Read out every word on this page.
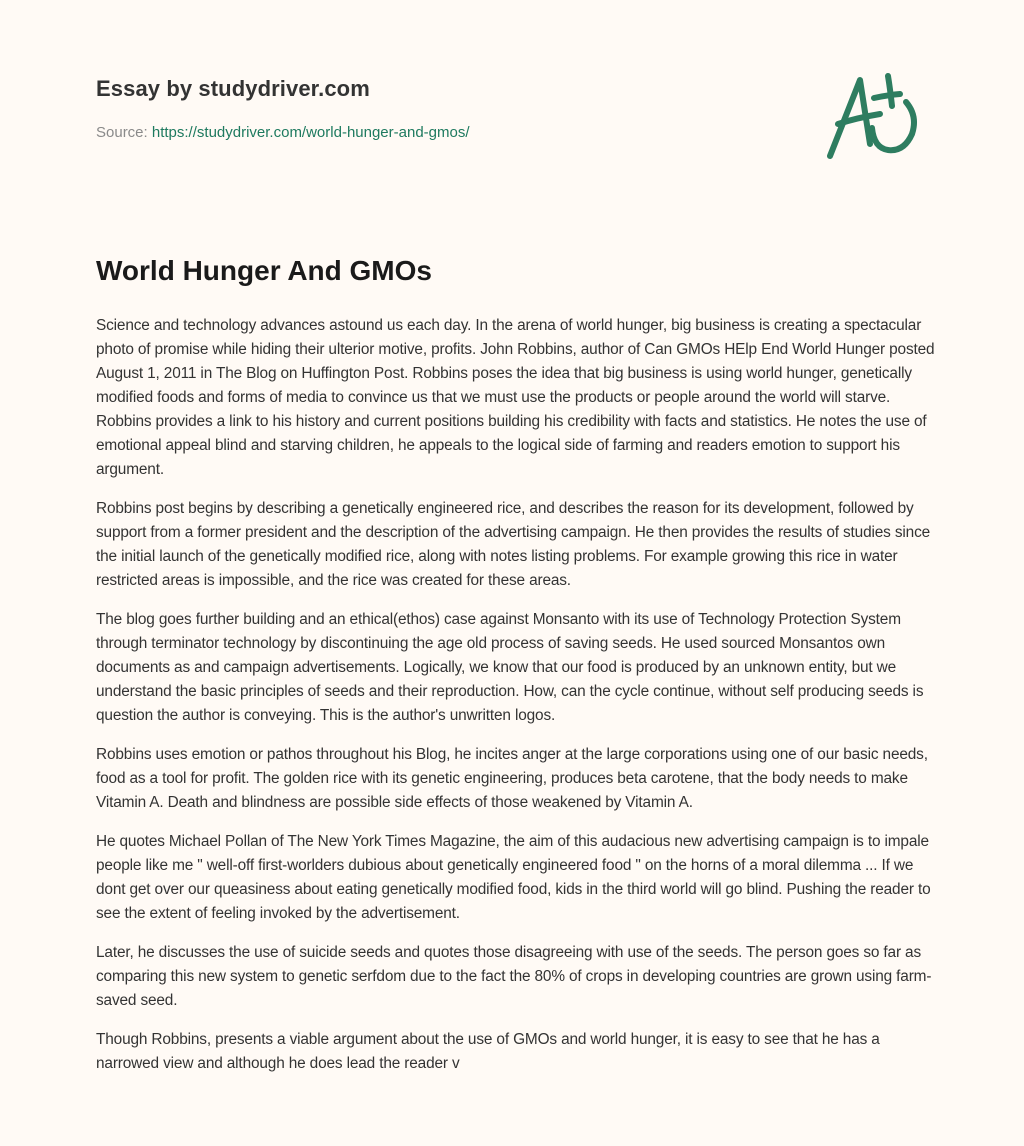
Essay by studydriver.com
Source: https://studydriver.com/world-hunger-and-gmos/
World Hunger And GMOs

Science and technology advances astound us each day. In the arena of world hunger, big business is creating a spectacular photo of promise while hiding their ulterior motive, profits. John Robbins, author of Can GMOs HElp End World Hunger posted August 1, 2011 in The Blog on Huffington Post. Robbins poses the idea that big business is using world hunger, genetically modified foods and forms of media to convince us that we must use the products or people around the world will starve. Robbins provides a link to his history and current positions building his credibility with facts and statistics. He notes the use of emotional appeal blind and starving children, he appeals to the logical side of farming and readers emotion to support his argument.

Robbins post begins by describing a genetically engineered rice, and describes the reason for its development, followed by support from a former president and the description of the advertising campaign. He then provides the results of studies since the initial launch of the genetically modified rice, along with notes listing problems. For example growing this rice in water restricted areas is impossible, and the rice was created for these areas.

The blog goes further building and an ethical(ethos) case against Monsanto with its use of Technology Protection System through terminator technology by discontinuing the age old process of saving seeds. He used sourced Monsantos own documents as and campaign advertisements. Logically, we know that our food is produced by an unknown entity, but we understand the basic principles of seeds and their reproduction. How, can the cycle continue, without self producing seeds is question the author is conveying. This is the author's unwritten logos.

Robbins uses emotion or pathos throughout his Blog, he incites anger at the large corporations using one of our basic needs, food as a tool for profit. The golden rice with its genetic engineering, produces beta carotene, that the body needs to make Vitamin A. Death and blindness are possible side effects of those weakened by Vitamin A.

He quotes Michael Pollan of The New York Times Magazine, the aim of this audacious new advertising campaign is to impale people like me " well-off first-worlders dubious about genetically engineered food " on the horns of a moral dilemma ... If we dont get over our queasiness about eating genetically modified food, kids in the third world will go blind. Pushing the reader to see the extent of feeling invoked by the advertisement.

Later, he discusses the use of suicide seeds and quotes those disagreeing with use of the seeds. The person goes so far as comparing this new system to genetic serfdom due to the fact the 80% of crops in developing countries are grown using farm-saved seed.

Though Robbins, presents a viable argument about the use of GMOs and world hunger, it is easy to see that he has a narrowed view and although he does lead the reader v
